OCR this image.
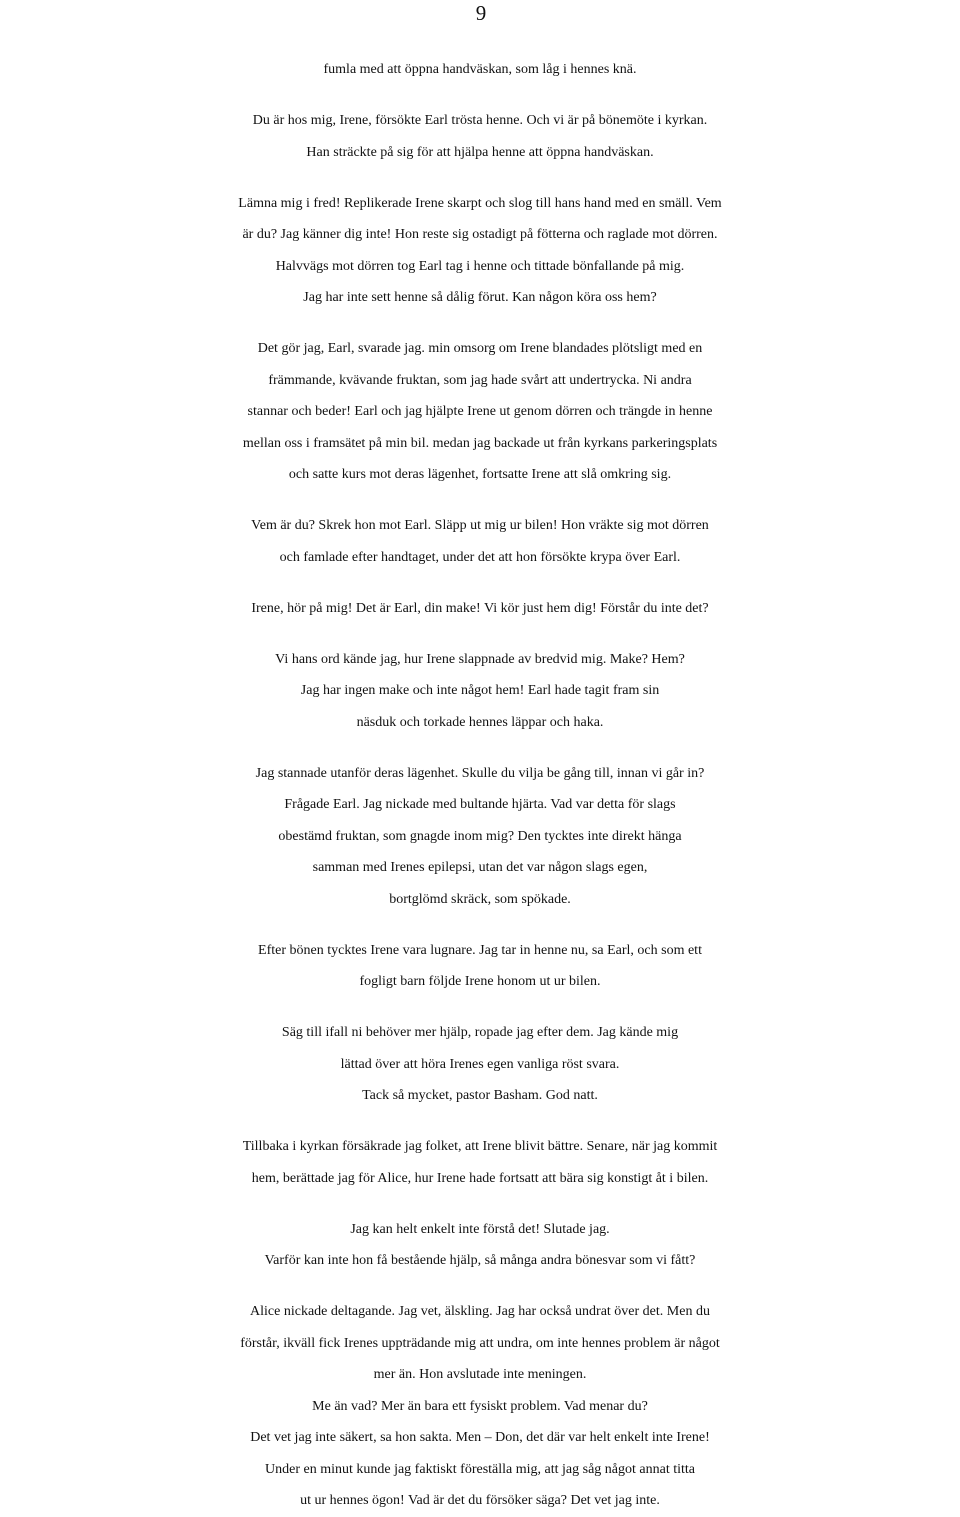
9
fumla med att öppna handväskan, som låg i hennes knä.
Du är hos mig, Irene, försökte Earl trösta henne. Och vi är på bönemöte i kyrkan.
Han sträckte på sig för att hjälpa henne att öppna handväskan.
Lämna mig i fred! Replikerade Irene skarpt och slog till hans hand med en smäll. Vem
är du? Jag känner dig inte! Hon reste sig ostadigt på fötterna och raglade mot dörren.
Halvvägs mot dörren tog Earl tag i henne och tittade bönfallande på mig.
Jag har inte sett henne så dålig förut. Kan någon köra oss hem?
Det gör jag, Earl, svarade jag. min omsorg om Irene blandades plötsligt med en
främmande, kvävande fruktan, som jag hade svårt att undertrycka. Ni andra
stannar och beder! Earl och jag hjälpte Irene ut genom dörren och trängde in henne
mellan oss i framsätet på min bil. medan jag backade ut från kyrkans parkeringsplats
och satte kurs mot deras lägenhet, fortsatte Irene att slå omkring sig.
Vem är du? Skrek hon mot Earl. Släpp ut mig ur bilen! Hon vräkte sig mot dörren
och famlade efter handtaget, under det att hon försökte krypa över Earl.
Irene, hör på mig! Det är Earl, din make! Vi kör just hem dig! Förstår du inte det?
Vi hans ord kände jag, hur Irene slappnade av bredvid mig. Make? Hem?
Jag har ingen make och inte något hem! Earl hade tagit fram sin
näsduk och torkade hennes läppar och haka.
Jag stannade utanför deras lägenhet. Skulle du vilja be gång till, innan vi går in?
Frågade Earl. Jag nickade med bultande hjärta. Vad var detta för slags
obestämd fruktan, som gnagde inom mig? Den tycktes inte direkt hänga
samman med Irenes epilepsi, utan det var någon slags egen,
bortglömd skräck, som spökade.
Efter bönen tycktes Irene vara lugnare. Jag tar in henne nu, sa Earl, och som ett
fogligt barn följde Irene honom ut ur bilen.
Säg till ifall ni behöver mer hjälp, ropade jag efter dem. Jag kände mig
lättad över att höra Irenes egen vanliga röst svara.
Tack så mycket, pastor Basham. God natt.
Tillbaka i kyrkan försäkrade jag folket, att Irene blivit bättre. Senare, när jag kommit
hem, berättade jag för Alice, hur Irene hade fortsatt att bära sig konstigt åt i bilen.
Jag kan helt enkelt inte förstå det! Slutade jag.
Varför kan inte hon få bestående hjälp, så många andra bönesvar som vi fått?
Alice nickade deltagande. Jag vet, älskling. Jag har också undrat över det. Men du
förstår, ikväll fick Irenes uppträdande mig att undra, om inte hennes problem är något
mer än. Hon avslutade inte meningen.
Me än vad? Mer än bara ett fysiskt problem. Vad menar du?
Det vet jag inte säkert, sa hon sakta. Men – Don, det där var helt enkelt inte Irene!
Under en minut kunde jag faktiskt föreställa mig, att jag såg något annat titta
ut ur hennes ögon! Vad är det du försöker säga? Det vet jag inte.
